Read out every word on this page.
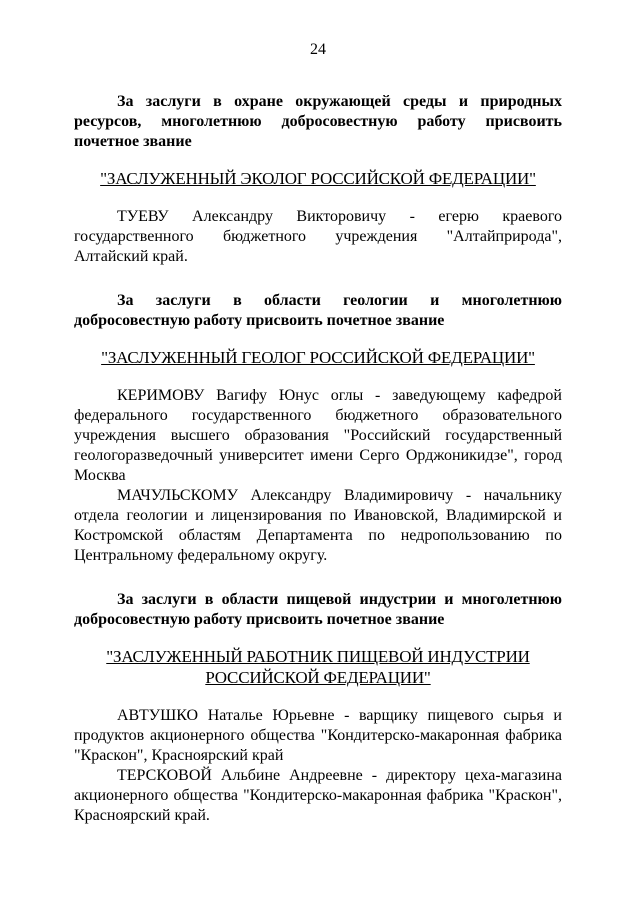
24

За заслуги в охране окружающей среды и природных ресурсов, многолетнюю добросовестную работу присвоить почетное звание

"ЗАСЛУЖЕННЫЙ ЭКОЛОГ РОССИЙСКОЙ ФЕДЕРАЦИИ"

ТУЕВУ Александру Викторовичу - егерю краевого государственного бюджетного учреждения "Алтайприрода", Алтайский край.

За заслуги в области геологии и многолетнюю добросовестную работу присвоить почетное звание

"ЗАСЛУЖЕННЫЙ ГЕОЛОГ РОССИЙСКОЙ ФЕДЕРАЦИИ"

КЕРИМОВУ Вагифу Юнус оглы - заведующему кафедрой федерального государственного бюджетного образовательного учреждения высшего образования "Российский государственный геологоразведочный университет имени Серго Орджоникидзе", город Москва

МАЧУЛЬСКОМУ Александру Владимировичу - начальнику отдела геологии и лицензирования по Ивановской, Владимирской и Костромской областям Департамента по недропользованию по Центральному федеральному округу.

За заслуги в области пищевой индустрии и многолетнюю добросовестную работу присвоить почетное звание

"ЗАСЛУЖЕННЫЙ РАБОТНИК ПИЩЕВОЙ ИНДУСТРИИ
РОССИЙСКОЙ ФЕДЕРАЦИИ"

АВТУШКО Наталье Юрьевне - варщику пищевого сырья и продуктов акционерного общества "Кондитерско-макаронная фабрика "Краскон", Красноярский край

ТЕРСКОВОЙ Альбине Андреевне - директору цеха-магазина акционерного общества "Кондитерско-макаронная фабрика "Краскон", Красноярский край.
